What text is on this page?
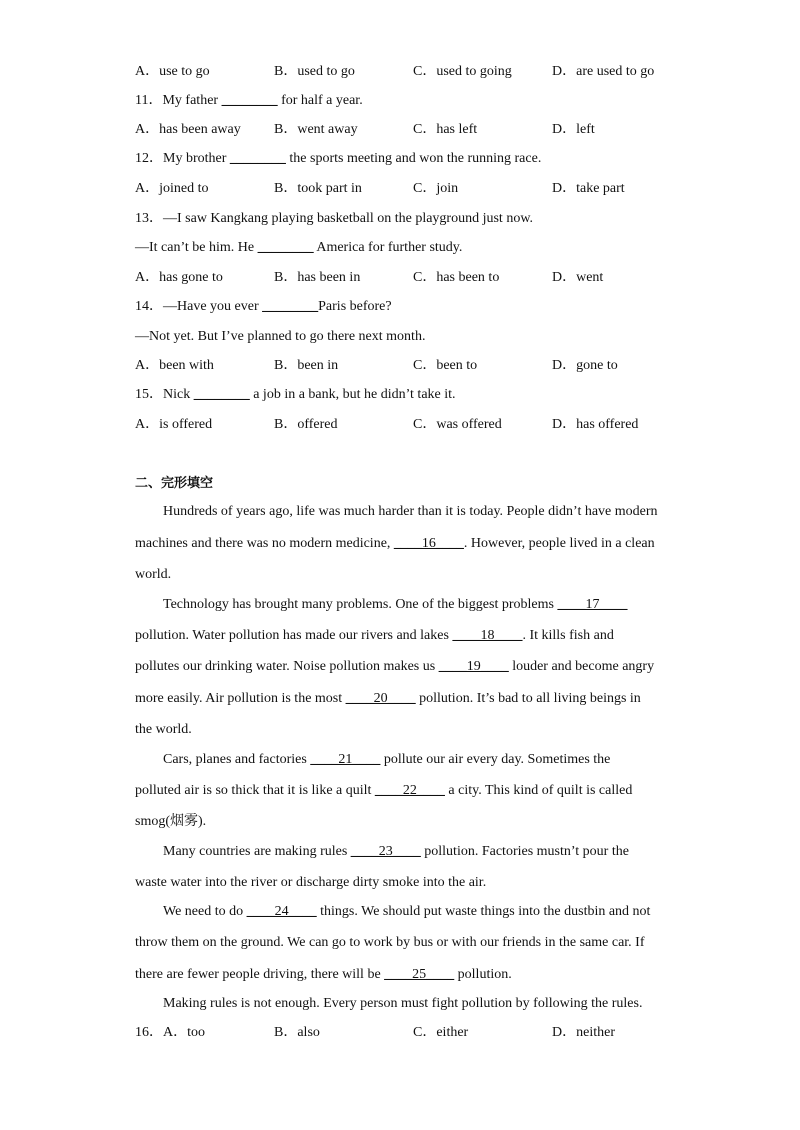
A．use to go	B．used to go	C．used to going	D．are used to go
11．My father ________ for half a year.
A．has been away B．went away	C．has left	D．left
12．My brother ________ the sports meeting and won the running race.
A．joined to	B．took part in	C．join	D．take part
13．—I saw Kangkang playing basketball on the playground just now.
—It can’t be him. He ________ America for further study.
A．has gone to	B．has been in	C．has been to	D．went
14．—Have you ever ________Paris before?
—Not yet. But I’ve planned to go there next month.
A．been with	B．been in	C．been to	D．gone to
15．Nick ________ a job in a bank, but he didn’t take it.
A．is offered	B．offered	C．was offered	D．has offered
二、完形填空
Hundreds of years ago, life was much harder than it is today. People didn’t have modern
machines and there was no modern medicine, ____16____. However, people lived in a clean
world.
Technology has brought many problems. One of the biggest problems ____17____
pollution. Water pollution has made our rivers and lakes ____18____. It kills fish and
pollutes our drinking water. Noise pollution makes us ____19____ louder and become angry
more easily. Air pollution is the most ____20____ pollution. It’s bad to all living beings in
the world.
Cars, planes and factories ____21____ pollute our air every day. Sometimes the
polluted air is so thick that it is like a quilt ____22____ a city. This kind of quilt is called
smog(烟雾).
Many countries are making rules ____23____ pollution. Factories mustn’t pour the
waste water into the river or discharge dirty smoke into the air.
We need to do ____24____ things. We should put waste things into the dustbin and not
throw them on the ground. We can go to work by bus or with our friends in the same car. If
there are fewer people driving, there will be ____25____ pollution.
Making rules is not enough. Every person must fight pollution by following the rules.
16．A．too	B．also	C．either	D．neither
